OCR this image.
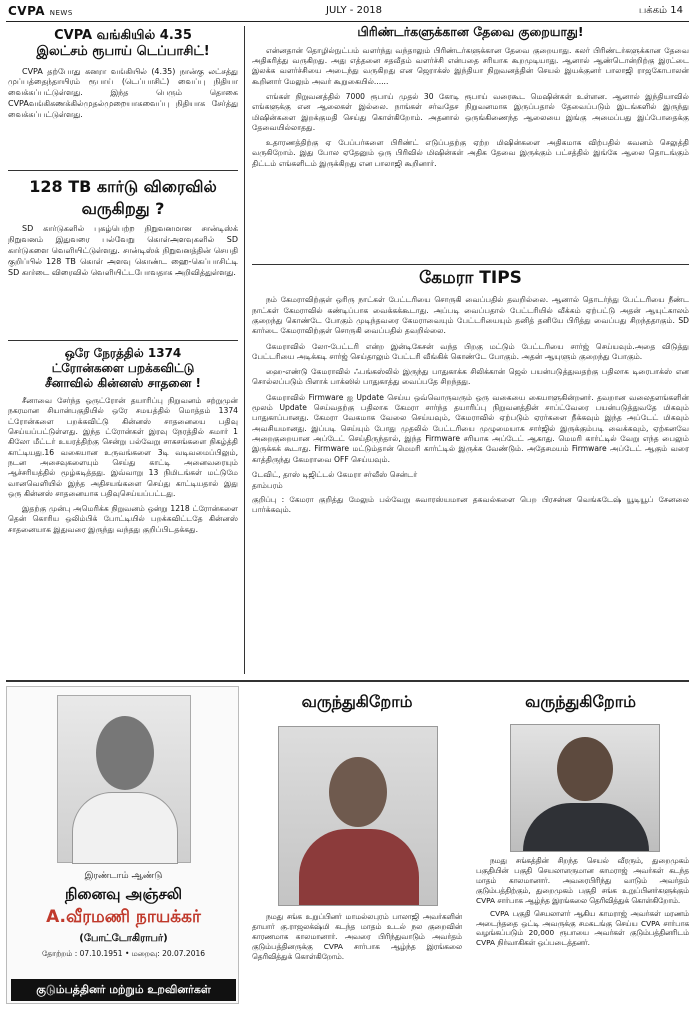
CVPA NEWS	JULY - 2018	பக்கம் 14
CVPA வங்கியில் 4.35
இலட்சம் ரூபாய் டெப்பாசிட்!

CVPA தற்போது கனரா வங்கியில் (4.35) நான்கு லட்சத்து முப்பத்தைந்தாயிரம் ரூபாய் (டெப்பாசிட்) வைப்பு நிதியா வைக்கப்பட்டுள்ளது. இந்த பெரும் தொகை CVPAவங்கிகணக்கில்முதல்முறையாகவைப்பு நிதியாக சேர்த்து வைக்கப்பட்டுள்ளது.

128 TB கார்டு விரைவில்
வருகிறது ?

SD கார்டுகளில் புகழ்பெற்ற நிறுவனமான சான்டிஸ்க் நிறுவனம் இதுவரை பல்வேறு கொள்அளவுகளில் SD கார்டுகளை வெளியிட்டுள்ளது. சான்டிஸ்க் நிறுவனத்தின் செயதி குறிப்பில் 128 TB கொள் அளவு கொண்ட ஹை-கெப்பாசிட்டி SD கார்டை விரைவில் வெளியிட்டபோவதாக அறிவித்துள்ளது.

ஒரே நேரத்தில் 1374
ட்ரோன்களை பறக்கவிட்டு
சீனாவில் கின்னஸ் சாதனை !

சீனாவை சேர்ந்த ஒருட்ரோன் தயாரிப்பு நிறுவனம் சற்றுமுன் நகரமான சியான்பகுதியில் ஒரே சமயத்தில் மொத்தம் 1374 ட்ரோன்களை பறக்கவிட்டு கின்னஸ் சாதனையை பதிவு செய்யப்பட்டுள்ளது. இந்த ட்ரோன்கள் இரவு நேரத்தில் சுமார் 1 கிலோ மீட்டர் உயரத்திற்கு சென்று பல்வேறு சாகசங்களை நிகழ்த்தி காட்டியது.16 வகையான உருவங்களை 3டி வடிவமைப்பிலும், நடன அசைவுகளையும் செய்து காட்டி அனைவரையும் ஆச்சரியத்தில் மூழ்கடித்தது. இவ்வாறு 13 நிமிடங்கள் மட்டுமே வானவெளியில் இந்த அதிசயங்களை செய்து காட்டியதால் இது ஒரு கின்னஸ் சாதனையாக பதிவுசெய்யப்பட்டது.

இதற்கு முன்பு அமெரிக்க நிறுவனம் ஒன்று 1218 ட்ரோன்களை தென் கொரிய ஒலிம்பிக் போட்டியில் பறக்கவிட்டதே கின்னஸ் சாதனையாக இதுவரை இருந்து வந்தது குறிப்பிடதக்கது.

பிரிண்டர்களுக்கான தேவை குறையாது!

என்னதான் தொழில்நுட்பம் வளர்ந்து வந்தாலும் பிரிண்டர்களுக்கான தேவை குறையாது. கலர் பிரிண்டர்களுக்கான தேவை அதிகரித்து வருகிறது. அது எத்தனை சதவீதம் வளர்ச்சி என்பதை சரியாக கூறமுடியாது. ஆனால் ஆண்டொன்றிற்கு இரட்டை இலக்க வளர்ச்சியை அடைந்து வருகிறது என ஜெராக்ஸ் இந்தியா நிறுவனத்தின் செயல் இயக்குனர் பாலாஜி ராஜகோபாலன் கூறினார் மேலும் அவர் கூறுகையில்......

எங்கள் நிறுவனத்தில் 7000 ரூபாய் முதல் 30 கோடி ரூபாய் வரைகூட மெஷின்கள் உள்ளன. ஆனால் இந்தியாவில் எங்களுக்கு என ஆலைகள் இல்லை. நாங்கள் சர்வதேச நிறுவனமாக இருப்பதால் தேவைப்படும் இடங்களில் இருந்து மிஷின்களை இறக்குமதி செய்து கொள்கிறோம். அதனால் ஒருங்கிணைந்த ஆலையை இங்கு அமைப்பது இப்போதைக்கு தேவையில்லாதது.

உதாரணத்திற்கு ஏ பேப்பர்களை பிரிண்ட் எடுப்பதற்கு ஏற்ற மிஷின்களை அதிகமாக விற்பதில் கவனம் செலுத்தி வருகிறோம். இது போல ஏதேனும் ஒரு பிரிவில் மிஷின்கள் அதிக தேவை இருக்கும் பட்சத்தில் இங்கே ஆலை தொடங்கும் திட்டம் எங்களிடம் இருக்கிறது என பாலாஜி கூறினார்.

கேமரா TIPS

நம் கேமராவிற்குள் ஒரிரு நாட்கள் பேட்டரியை சொருகி வைப்பதில் தவறில்லை. ஆனால் தொடர்ந்து பேட்டரியை நீண்ட நாட்கள் கேமராவில் கண்டிப்பாக வைக்கக்கூடாது. அப்படி வைப்பதால் பேட்டரியில் வீக்கம் ஏற்பட்டு அதன் ஆயுட்காலம் குறைந்து கொண்டே போகும் முடிந்தவரை கேமராவையும் பேட்டரியையும் தனித் தனியே பிரித்து வைப்பது சிறந்ததாகும். SD கார்டை கேமராவிற்குள் சொருகி வைப்பதில் தவறில்லை.

கேமராவில் லோ-பேட்டரி என்ற இன்டிகேசன் வந்த பிறகு மட்டும் பேட்டரியை சார்ஜ் செய்யவும்.அதை விடுத்து பேட்டரியை அடிக்கடி சார்ஜ் செய்தாலும் பேட்டரி வீங்கிக் கொண்டே போகும். அதன் ஆயுளும் குறைந்து போகும்.

ஹை-எண்டு கேமராவில் ஃபங்கஸ்லில் இருந்து பாதுகாக்க சிலிக்கான் ஜெல் பயன்படுத்துவதற்கு பதிலாக டிரைபாக்ஸ் என சொல்லப்படும் பிளாக் பாக்ஸில் பாதுகாத்து வைப்பதே சிறந்தது.

கேமராவில் Firmware ஐ Update செய்ய ஒவ்வொருவரும் ஒரு வகையை கையாளுகின்றனர். தவறான வலைதளங்களின் மூலம் Update செய்வதற்கு பதிலாக கேமரா சார்ந்த தயாரிப்பு நிறுவனத்தின் சாப்ட்வேரை பயன்படுத்துவதே மிகவும் பாதுகாப்பானது. கேமரா வேகமாக வேலை செய்யவும், கேமராவில் ஏற்படும் ஏரர்களை நீக்கவும் இந்த அப்டேட் மிகவும் அவசியமானது. இப்படி செய்யும் போது முதலில் பேட்டரியை முழுமையாக சார்ஜில் இருக்கும்படி வைக்கவும், ஏற்கனவே அறைகுறையான அப்டேட் செய்திருந்தால், இந்த Firmware சரியாக அப்டேட் ஆகாது. மெமரி கார்ட்டில் வேறு எந்த பைலும் இருக்கக் கூடாது. Firmware மட்டும்தான் மெமரி கார்ட்டில் இருக்க வேண்டும். அதேசமயம் Firmware அப்டேட் ஆகும் வரை காத்திருந்து கேமராவை OFF செய்யவும்.

டேவிட், தாஸ் டிஜிட்டல் கேமரா சர்வீஸ் சென்டர்

தாம்பரம்

குறிப்பு : கேமரா குறித்து மேலும் பல்வேறு சுவாரஸ்யமான தகவல்களை பெற பிரசன்ன வெங்கடேஷ் யூடியூப் சேனலை பார்க்கவும்.

இரண்டாம் ஆண்டு
நினைவு அஞ்சலி
A.வீரமணி நாயக்கர்
(போட்டோகிராபர்)
தோற்றம் : 07.10.1951 • மறைவு: 20.07.2016
குடும்பத்தினர் மற்றும் உறவினர்கள்
வருந்துகிறோம்

நமது சங்க உறுப்பினர் மாமல்லபுரம் பாலாஜி அவர்களின் தாயார் கு.ராஜலக்‌ஷ்மி கடந்த மாதம் உடல் நல குறைவின் காரணமாக காலமானார். அவரை பிரிந்துவாடும் அவர்தம் குடும்பத்தினருக்கு CVPA சார்பாக ஆழ்ந்த இரங்கலை தெரிவித்துக் கொள்கிறோம்.

வருந்துகிறோம்

நமது சங்கத்தின் சிறந்த செயல் வீரரும், துறைமுகம் பகுதியின் பகுதி செயலாளருமான காமராஜ் அவர்கள் கடந்த மாதம் காலமானார். அவரைபிரிந்து வாடும் அவர்தம் குடும்பத்திற்கும், துறைமுகம் பகுதி சங்க உறுப்பினர்களுக்கும் CVPA சார்பாக ஆழ்ந்த இரங்கலை தெரிவித்துக் கொள்கிறோம்.

CVPA பகுதி செயலாளர் ஆகிய காமராஜ் அவர்கள் மரணம் அடைந்ததை ஒட்டி அவருக்கு சமகடங்கு செய்ய CVPA சார்பாக வழங்கப்படும் 20,000 ரூபாயை அவர்கள் குடும்பத்தினரிடம் CVPA நிர்வாகிகள் ஒப்படைத்தனர்.
